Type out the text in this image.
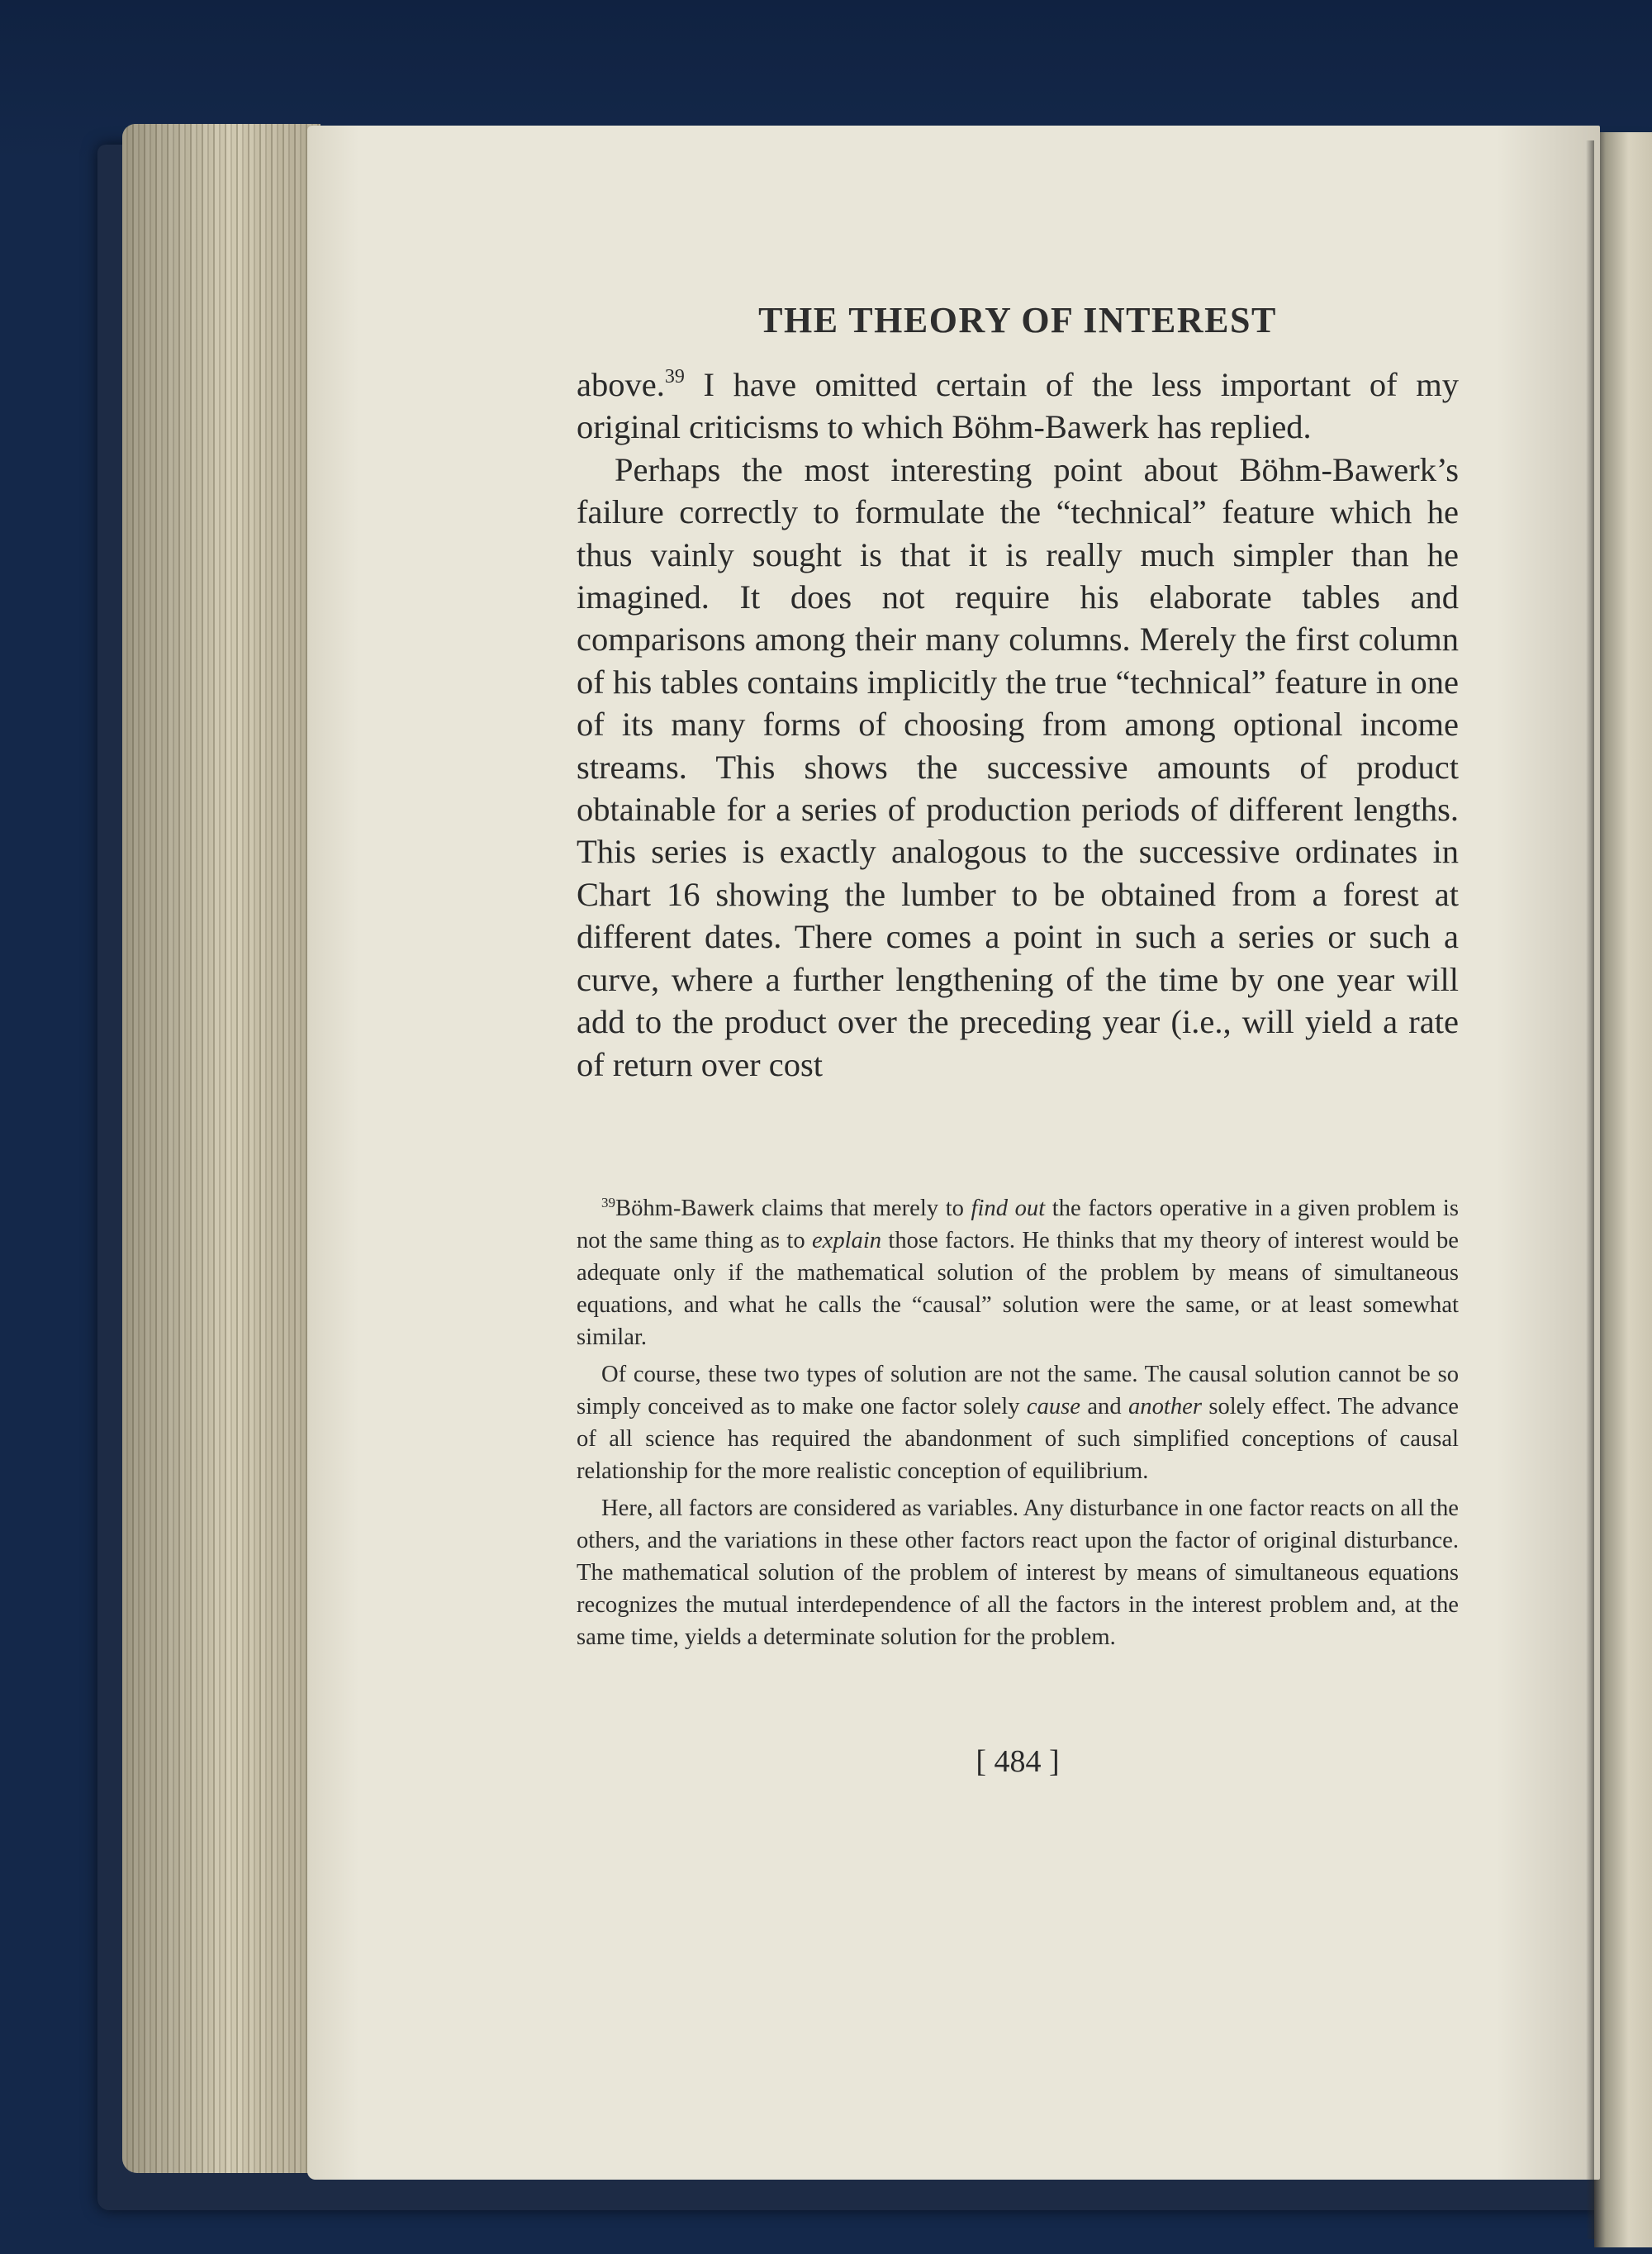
THE THEORY OF INTEREST

above.$^{39}$ I have omitted certain of the less important of my original criticisms to which Böhm-Bawerk has replied.

Perhaps the most interesting point about Böhm-Bawerk’s failure correctly to formulate the “technical” feature which he thus vainly sought is that it is really much simpler than he imagined. It does not require his elaborate tables and comparisons among their many columns. Merely the first column of his tables contains implicitly the true “technical” feature in one of its many forms of choosing from among optional income streams. This shows the successive amounts of product obtainable for a series of production periods of different lengths. This series is exactly analogous to the successive ordinates in Chart 16 showing the lumber to be obtained from a forest at different dates. There comes a point in such a series or such a curve, where a further lengthening of the time by one year will add to the product over the preceding year (i.e., will yield a rate of return over cost

$^{39}$Böhm-Bawerk claims that merely to find out the factors operative in a given problem is not the same thing as to explain those factors. He thinks that my theory of interest would be adequate only if the mathematical solution of the problem by means of simultaneous equations, and what he calls the “causal” solution were the same, or at least somewhat similar.

Of course, these two types of solution are not the same. The causal solution cannot be so simply conceived as to make one factor solely cause and another solely effect. The advance of all science has required the abandonment of such simplified conceptions of causal relationship for the more realistic conception of equilibrium.

Here, all factors are considered as variables. Any disturbance in one factor reacts on all the others, and the variations in these other factors react upon the factor of original disturbance. The mathematical solution of the problem of interest by means of simultaneous equations recognizes the mutual interdependence of all the factors in the interest problem and, at the same time, yields a determinate solution for the problem.

[ 484 ]
